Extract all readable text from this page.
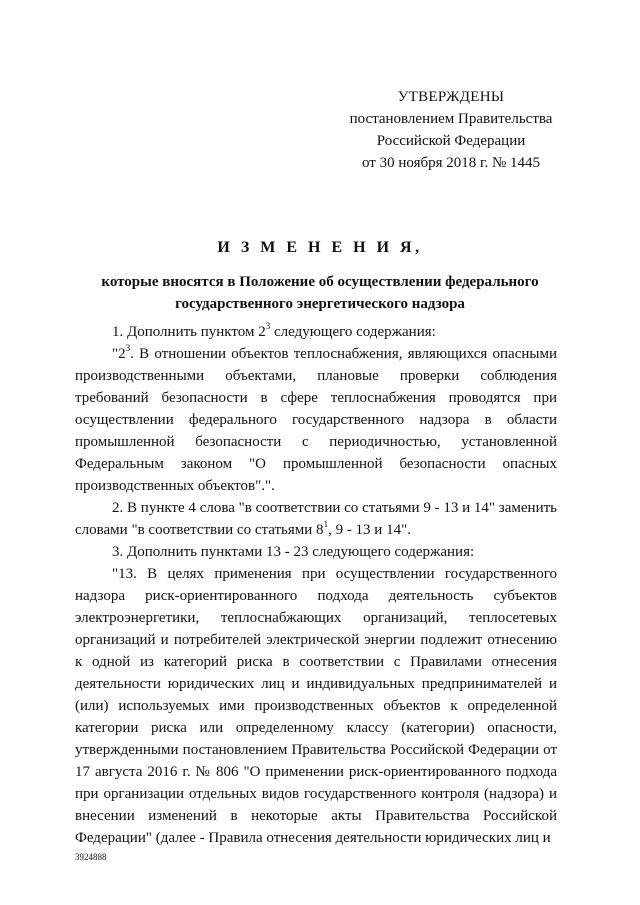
УТВЕРЖДЕНЫ
постановлением Правительства
Российской Федерации
от 30 ноября 2018 г. № 1445
И З М Е Н Е Н И Я,
которые вносятся в Положение об осуществлении федерального
государственного энергетического надзора

1. Дополнить пунктом $2^3$ следующего содержания:

"$2^3$. В отношении объектов теплоснабжения, являющихся опасными производственными объектами, плановые проверки соблюдения требований безопасности в сфере теплоснабжения проводятся при осуществлении федерального государственного надзора в области промышленной безопасности с периодичностью, установленной Федеральным законом "О промышленной безопасности опасных производственных объектов".".

2. В пункте 4 слова "в соответствии со статьями 9 - 13 и 14" заменить словами "в соответствии со статьями $8^1$, 9 - 13 и 14".

3. Дополнить пунктами 13 - 23 следующего содержания:

"13. В целях применения при осуществлении государственного надзора риск-ориентированного подхода деятельность субъектов электроэнергетики, теплоснабжающих организаций, теплосетевых организаций и потребителей электрической энергии подлежит отнесению к одной из категорий риска в соответствии с Правилами отнесения деятельности юридических лиц и индивидуальных предпринимателей и (или) используемых ими производственных объектов к определенной категории риска или определенному классу (категории) опасности, утвержденными постановлением Правительства Российской Федерации от 17 августа 2016 г. № 806 "О применении риск-ориентированного подхода при организации отдельных видов государственного контроля (надзора) и внесении изменений в некоторые акты Правительства Российской Федерации" (далее - Правила отнесения деятельности юридических лиц и

3924888
